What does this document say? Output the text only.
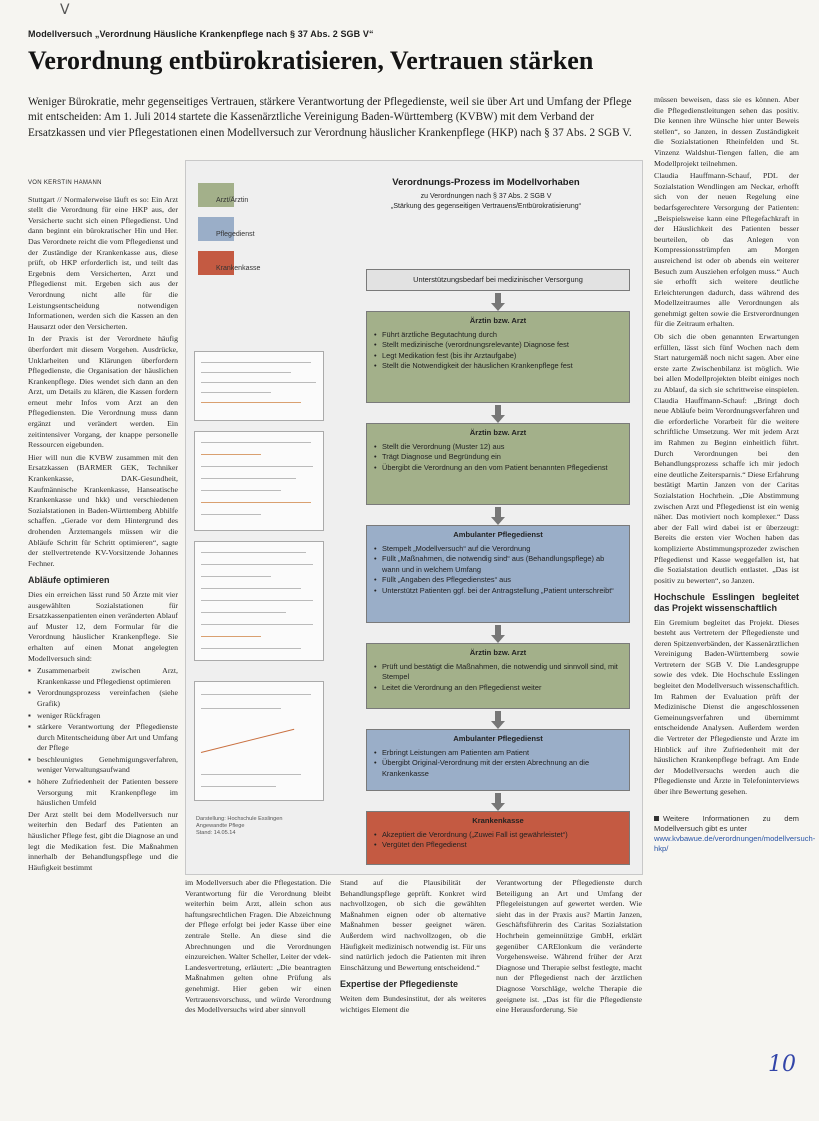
V
Modellversuch „Verordnung Häusliche Krankenpflege nach § 37 Abs. 2 SGB V“
Verordnung entbürokratisieren, Vertrauen stärken

Weniger Bürokratie, mehr gegenseitiges Vertrauen, stärkere Verantwortung der Pflegedienste, weil sie über Art und Umfang der Pflege mit entscheiden: Am 1. Juli 2014 startete die Kassenärztliche Vereinigung Baden-Württemberg (KVBW) mit dem Verband der Ersatzkassen und vier Pflegestationen einen Modellversuch zur Verordnung häuslicher Krankenpflege (HKP) nach § 37 Abs. 2 SGB V.

VON KERSTIN HAMANN

Stuttgart // Normalerweise läuft es so: Ein Arzt stellt die Verordnung für eine HKP aus, der Versicherte sucht sich einen Pflegedienst. Und dann beginnt ein bürokratischer Hin und Her. Das Verordnete reicht die vom Pflegedienst und der Zuständige der Krankenkasse aus, diese prüft, ob HKP erforderlich ist, und teilt das Ergebnis dem Versicherten, Arzt und Pflegedienst mit. Ergeben sich aus der Verordnung nicht alle für die Leistungsentscheidung notwendigen Informationen, werden sich die Kassen an den Hausarzt oder den Versicherten.

In der Praxis ist der Verordnete häufig überfordert mit diesem Vorgehen. Ausdrücke, Unklarheiten und Klärungen überfordern Pflegedienste, die Organisation der häuslichen Krankenpflege. Dies wendet sich dann an den Arzt, um Details zu klären, die Kassen fordern erneut mehr Infos vom Arzt an den Pflegediensten. Die Verordnung muss dann ergänzt und verändert werden. Ein zeitintensiver Vorgang, der knappe personelle Ressourcen eigebunden.

Hier will nun die KVBW zusammen mit den Ersatzkassen (BARMER GEK, Techniker Krankenkasse, DAK-Gesundheit, Kaufmännische Krankenkasse, Hanseatische Krankenkasse und hkk) und verschiedenen Sozialstationen in Baden-Württemberg Abhilfe schaffen. „Gerade vor dem Hintergrund des drohenden Ärztemangels müssen wir die Abläufe Schritt für Schritt optimieren“, sagte der stellvertretende KV-Vorsitzende Johannes Fechner.

Abläufe optimieren

Dies ein erreichen lässt rund 50 Ärzte mit vier ausgewählten Sozialstationen für Ersatzkassenpatienten einen veränderten Ablauf auf Muster 12, dem Formular für die Verordnung häuslicher Krankenpflege. Sie erhalten auf einen Monat angelegten Modellversuch sind:

▪ Zusammenarbeit zwischen Arzt, Krankenkasse und Pflegedienst optimieren
▪ Verordnungsprozess vereinfachen (siehe Grafik)
▪ weniger Rückfragen
▪ stärkere Verantwortung der Pflegedienste durch Mitentscheidung über Art und Umfang der Pflege
▪ beschleunigtes Genehmigungsverfahren, weniger Verwaltungsaufwand
▪ höhere Zufriedenheit der Patienten bessere Versorgung mit Krankenpflege im häuslichen Umfeld

Der Arzt stellt bei dem Modellversuch nur weiterhin den Bedarf des Patienten an häuslicher Pflege fest, gibt die Diagnose an und legt die Medikation fest. Die Maßnahmen innerhalb der Behandlungspflege und die Häufigkeit bestimmt

Arzt/Ärztin
Pflegedienst
Krankenkasse
Verordnungs-Prozess im Modellvorhaben
zu Verordnungen nach § 37 Abs. 2 SGB V
„Stärkung des gegenseitigen Vertrauens/Entbürokratisierung“
Unterstützungsbedarf bei medizinischer Versorgung
Ärztin bzw. Arzt
• Führt ärztliche Begutachtung durch
• Stellt medizinische (verordnungsrelevante) Diagnose fest
• Legt Medikation fest (bis ihr Arztaufgabe)
• Stellt die Notwendigkeit der häuslichen Krankenpflege fest
Ärztin bzw. Arzt
• Stellt die Verordnung (Muster 12) aus
• Trägt Diagnose und Begründung ein
• Übergibt die Verordnung an den vom Patient benannten Pflegedienst
Ambulanter Pflegedienst
• Stempelt „Modellversuch“ auf die Verordnung
• Füllt „Maßnahmen, die notwendig sind“ aus (Behandlungspflege) ab wann und in welchem Umfang
• Füllt „Angaben des Pflegedienstes“ aus
• Unterstützt Patienten ggf. bei der Antragstellung „Patient unterschreibt“
Ärztin bzw. Arzt
• Prüft und bestätigt die Maßnahmen, die notwendig und sinnvoll sind, mit Stempel
• Leitet die Verordnung an den Pflegedienst weiter
Ambulanter Pflegedienst
• Erbringt Leistungen am Patienten am Patient
• Übergibt Original-Verordnung mit der ersten Abrechnung an die Krankenkasse
Krankenkasse
• Akzeptiert die Verordnung („Zuwei Fall ist gewährleistet“)
• Vergütet den Pflegedienst
Darstellung: Hochschule Esslingen
Angewandte Pflege
Stand: 14.05.14

im Modellversuch aber die Pflegestation. Die Verantwortung für die Verordnung bleibt weiterhin beim Arzt, allein schon aus haftungsrechtlichen Fragen. Die Abzeichnung der Pflege erfolgt bei jeder Kasse über eine zentrale Stelle. An diese sind die Abrechnungen und die Verordnungen einzureichen. Walter Scheller, Leiter der vdek-Landesvertretung, erläutert: „Die beantragten Maßnahmen gelten ohne Prüfung als genehmigt. Hier geben wir einen Vertrauensvorschuss, und würde Verordnung des Modellversuchs wird aber sinnvoll

Stand auf die Plausibilität der Behandlungspflege geprüft. Konkret wird nachvollzogen, ob sich die gewählten Maßnahmen eignen oder ob alternative Maßnahmen besser geeignet wären. Außerdem wird nachvollzogen, ob die Häufigkeit medizinisch notwendig ist. Für uns sind natürlich jedoch die Patienten mit ihren Einschätzung und Bewertung entscheidend.“

Expertise der Pflegedienste

Weiten dem Bundesinstitut, der als weiteres wichtiges Element die

Verantwortung der Pflegedienste durch Beteiligung an Art und Umfang der Pflegeleistungen auf gewertet werden. Wie sieht das in der Praxis aus? Martin Janzen, Geschäftsführerin des Caritas Sozialstation Hochrhein gemeinnützige GmbH, erklärt gegenüber CARElonkum die veränderte Vorgehensweise. Während früher der Arzt Diagnose und Therapie selbst festlegte, macht nun der Pflegedienst nach der ärztlichen Diagnose Vorschläge, welche Therapie die geeignete ist. „Das ist für die Pflegedienste eine Herausforderung. Sie

müssen beweisen, dass sie es können. Aber die Pflegedienstleitungen sehen das positiv. Die kennen ihre Wünsche hier unter Beweis stellen“, so Janzen, in dessen Zuständigkeit die Sozialstationen Rheinfelden und St. Vinzenz Waldshut-Tiengen fallen, die am Modellprojekt teilnehmen.

Claudia Hauffmann-Schauf, PDL der Sozialstation Wendlingen am Neckar, erhofft sich von der neuen Regelung eine bedarfsgerechtere Versorgung der Patienten: „Beispielsweise kann eine Pflegefachkraft in der Häuslichkeit des Patienten besser beurteilen, ob das Anlegen von Kompressionsstrümpfen am Morgen ausreichend ist oder ob abends ein weiterer Besuch zum Ausziehen erfolgen muss.“ Auch sie erhofft sich weitere deutliche Erleichterungen dadurch, dass während des Modellzeitraumes alle Verordnungen als genehmigt gelten sowie die Erstverordnungen für die Zeitraum erhalten.

Ob sich die oben genannten Erwartungen erfüllen, lässt sich fünf Wochen nach dem Start naturgemäß noch nicht sagen. Aber eine erste zarte Zwischenbilanz ist möglich. Wie bei allen Modellprojekten bleibt einiges noch zu Ablauf, da sich sie schrittweise einspielen. Claudia Hauffmann-Schauf: „Bringt doch neue Abläufe beim Verordnungsverfahren und die erforderliche Vorarbeit für die weitere schriftliche Umsetzung. Wer mit jedem Arzt im Rahmen zu Beginn einheitlich führt. Durch Verordnungen bei den Behandlungsprozess schaffe ich mir jedoch eine deutliche Zeitersparnis.“ Diese Erfahrung bestätigt Martin Janzen von der Caritas Sozialstation Hochrhein. „Die Abstimmung zwischen Arzt und Pflegedienst ist ein wenig näher. Das motiviert noch komplexer.“ Dass aber der Fall wird dabei ist er überzeugt: Bereits die ersten vier Wochen haben das komplizierte Abstimmungsprozeder zwischen Pflegedienst und Kasse weggefallen ist, hat die Sozialstation deutlich entlastet. „Das ist positiv zu bewerten“, so Janzen.

Hochschule Esslingen begleitet das Projekt wissenschaftlich

Ein Gremium begleitet das Projekt. Dieses besteht aus Vertretern der Pflegedienste und deren Spitzenverbänden, der Kassenärztlichen Vereinigung Baden-Württemberg sowie Vertretern der SGB V. Die Landesgruppe sowie des vdek. Die Hochschule Esslingen begleitet den Modellversuch wissenschaftlich. Im Rahmen der Evaluation prüft der Medizinische Dienst die angeschlossenen Gemeinungsverfahren und übernimmt entscheidende Analysen. Außerdem werden die Vertreter der Pflegedienste und Ärzte im Hinblick auf ihre Zufriedenheit mit der häuslichen Krankenpflege befragt. Am Ende der Modellversuchs werden auch die Pflegedienste und Ärzte in Telefoninterviews über ihre Bewertung gesehen.

Weitere Informationen zu dem Modellversuch gibt es unter
www.kvbawue.de/verordnungen/modellversuch-hkp/
10
